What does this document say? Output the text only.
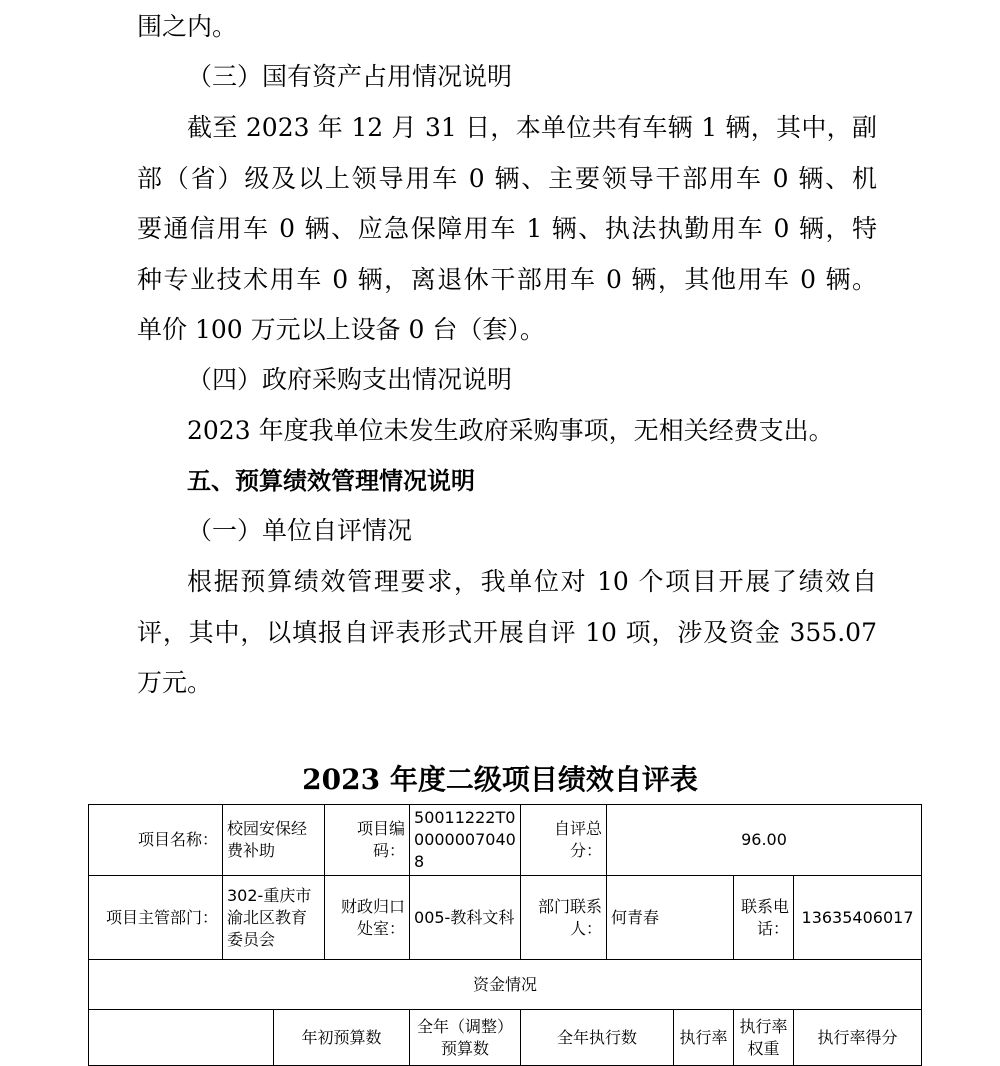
围之内。

（三）国有资产占用情况说明

截至 2023 年 12 月 31 日，本单位共有车辆 1 辆，其中，副

部（省）级及以上领导用车 0 辆、主要领导干部用车 0 辆、机

要通信用车 0 辆、应急保障用车 1 辆、执法执勤用车 0 辆，特

种专业技术用车 0 辆，离退休干部用车 0 辆，其他用车 0 辆。

单价 100 万元以上设备 0 台（套）。

（四）政府采购支出情况说明

2023 年度我单位未发生政府采购事项，无相关经费支出。

五、预算绩效管理情况说明

（一）单位自评情况

根据预算绩效管理要求，我单位对 10 个项目开展了绩效自

评，其中，以填报自评表形式开展自评 10 项，涉及资金 355.07

万元。

2023 年度二级项目绩效自评表

项目名称：	校园安保经费补助		项目编码：	50011222T000000070408	自评总分：	96.00			
项目主管部门：	302-重庆市渝北区教育委员会		财政归口处室：	005-教科文科	部门联系人：	何青春		联系电话：	13635406017
资金情况									
		年初预算数		全年（调整）预算数	全年执行数		执行率	执行率权重	执行率得分
